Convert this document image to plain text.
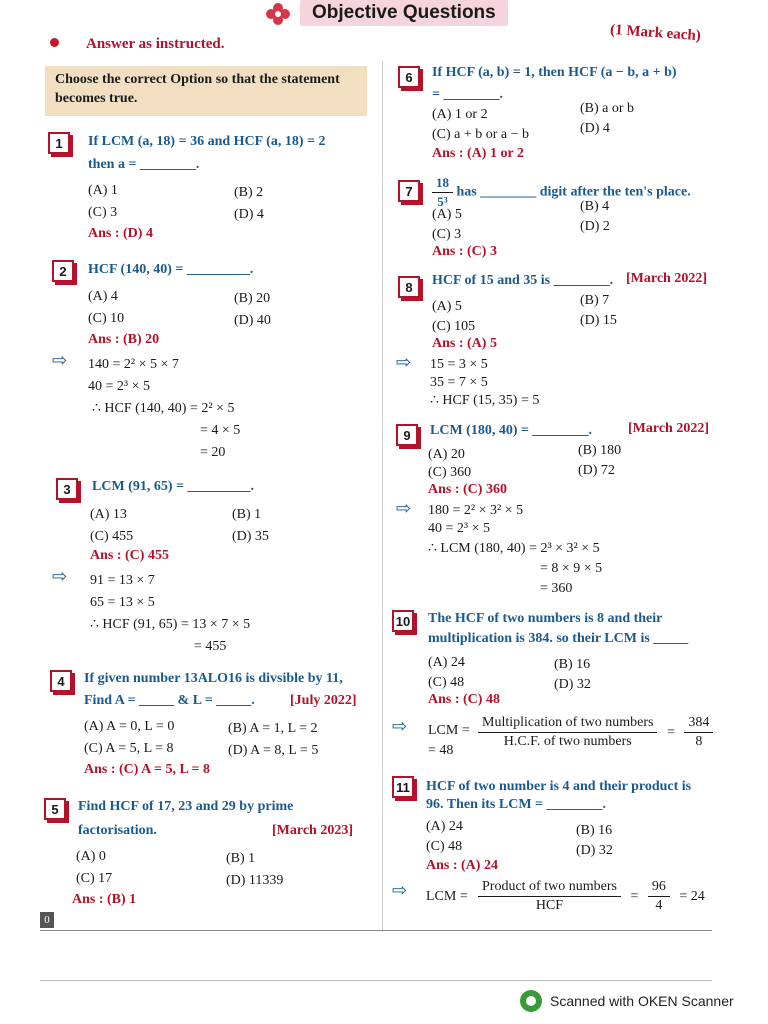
Objective Questions
Answer as instructed.	(1 Mark each)
Choose the correct Option so that the statement becomes true.
1	If LCM (a, 18) = 36 and HCF (a, 18) = 2
then a = ________.
(A) 1	(B) 2
(C) 3	(D) 4
Ans : (D) 4
2	HCF (140, 40) = _________.
(A) 4	(B) 20
(C) 10	(D) 40
Ans : (B) 20
⇨ 140 = 2² × 5 × 7
40 = 2³ × 5
∴ HCF (140, 40) = 2² × 5
= 4 × 5
= 20
3	LCM (91, 65) = _________.
(A) 13	(B) 1
(C) 455	(D) 35
Ans : (C) 455
⇨ 91 = 13 × 7
65 = 13 × 5
∴ HCF (91, 65) = 13 × 7 × 5
= 455
4	If given number 13ALO16 is divsible by 11,
Find A = _____ & L = _____.	[July 2022]
(A) A = 0, L = 0	(B) A = 1, L = 2
(C) A = 5, L = 8	(D) A = 8, L = 5
Ans : (C) A = 5, L = 8
5	Find HCF of 17, 23 and 29 by prime
factorisation.	[March 2023]
(A) 0	(B) 1
(C) 17	(D) 11339
Ans : (B) 1
6	If HCF (a, b) = 1, then HCF (a − b, a + b)
= ________.
(A) 1 or 2	(B) a or b
(C) a + b or a − b	(D) 4
Ans : (A) 1 or 2
7	$\frac{18}{\text{5³}}$ has ________ digit after the ten's place.
(A) 5
(B) 4
(C) 3
(D) 2
Ans : (C) 3
8	HCF of 15 and 35 is ________. [March 2022]
(A) 5	(B) 7
(C) 105	(D) 15
Ans : (A) 5
⇨ 15 = 3 × 5
35 = 7 × 5
∴ HCF (15, 35) = 5
9	LCM (180, 40) = ________.	[March 2022]
(A) 20	(B) 180
(C) 360	(D) 72
Ans : (C) 360
⇨ 180 = 2² × 3² × 5
40 = 2³ × 5
∴ LCM (180, 40) = 2³ × 3² × 5
= 8 × 9 × 5
= 360
10 The HCF of two numbers is 8 and their
multiplication is 384. so their LCM is _____
(A) 24	(B) 16
(C) 48	(D) 32
Ans : (C) 48
⇨ LCM = $\frac{\text{Multiplication of two numbers}}{\text{H.C.F. of two numbers}} = \frac{384}{8}$
= 48
11 HCF of two number is 4 and their product is
96. Then its LCM = ________.
(A) 24	(B) 16
(C) 48	(D) 32
Ans : (A) 24
⇨ LCM = $\frac{\text{Product of two numbers}}{\text{HCF}} = \frac{96}{4} = 24$
0
Scanned with OKEN Scanner
